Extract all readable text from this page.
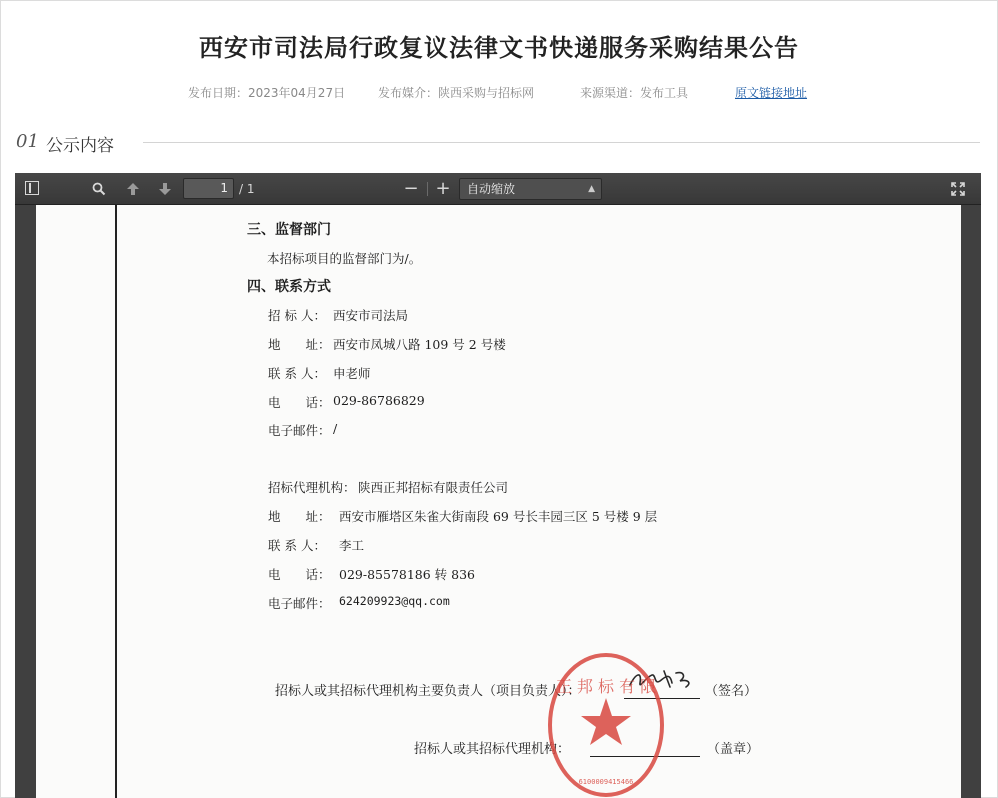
西安市司法局行政复议法律文书快递服务采购结果公告
发布日期：2023年04月27日	发布媒介：陕西采购与招标网	来源渠道：发布工具	原文链接地址
01 公示内容
1 / 1	− +	自动缩放	▲

三、监督部门
本招标项目的监督部门为/。
四、联系方式
招 标 人： 西安市司法局
地　　址： 西安市凤城八路 109 号 2 号楼
联 系 人： 申老师
电　　话： 029-86786829
电子邮件： /
招标代理机构： 陕西正邦招标有限责任公司
地　　址： 西安市雁塔区朱雀大街南段 69 号长丰园三区 5 号楼 9 层
联 系 人： 李工
电　　话： 029-85578186 转 836
电子邮件： 624209923@qq.com
招标人或其招标代理机构主要负责人（项目负责人）：	（签名）
招标人或其招标代理机构：	（盖章）
正 邦 标 有 限
6100009415466
